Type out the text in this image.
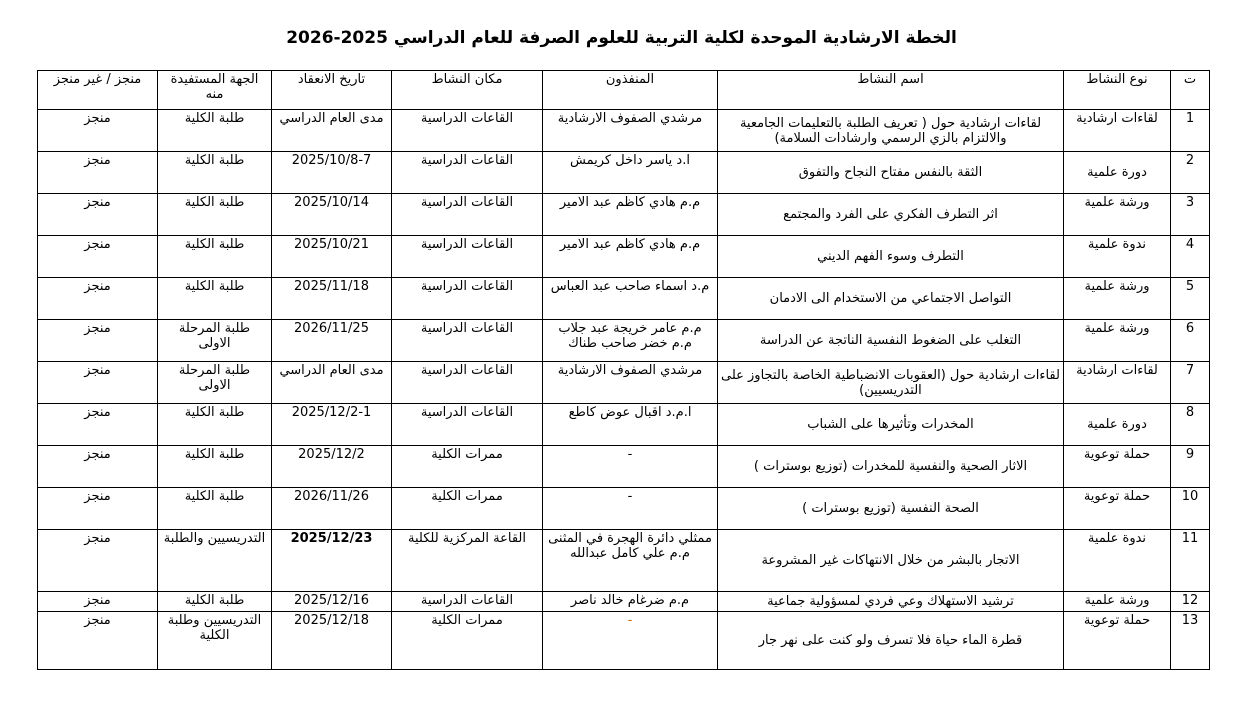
الخطة الارشادية الموحدة لكلية التربية للعلوم الصرفة للعام الدراسي 2025-2026
ت	نوع النشاط	اسم النشاط	المنفذون	مكان النشاط	تاريخ الانعقاد	الجهة المستفيدة منه	منجز / غير منجز
1	لقاءات ارشادية	لقاءات ارشادية حول ( تعريف الطلبة بالتعليمات الجامعية والالتزام بالزي الرسمي وارشادات السلامة)	مرشدي الصفوف الارشادية	القاعات الدراسية	مدى العام الدراسي	طلبة الكلية	منجز
2	دورة علمية	الثقة بالنفس مفتاح النجاح والتفوق	ا.د ياسر داخل كريمش	القاعات الدراسية	2025/10/8-7	طلبة الكلية	منجز
3	ورشة علمية	اثر التطرف الفكري على الفرد والمجتمع	م.م هادي كاظم عبد الامير	القاعات الدراسية	2025/10/14	طلبة الكلية	منجز
4	ندوة علمية	التطرف وسوء الفهم الديني	م.م هادي كاظم عبد الامير	القاعات الدراسية	2025/10/21	طلبة الكلية	منجز
5	ورشة علمية	التواصل الاجتماعي من الاستخدام الى الادمان	م.د اسماء صاحب عبد العباس	القاعات الدراسية	2025/11/18	طلبة الكلية	منجز
6	ورشة علمية	التغلب على الضغوط النفسية الناتجة عن الدراسة	م.م عامر خريجة عبد جلاب
م.م خضر صاحب طناك	القاعات الدراسية	2026/11/25	طلبة المرحلة الاولى	منجز
7	لقاءات ارشادية	لقاءات ارشادية حول (العقوبات الانضباطية الخاصة بالتجاوز على التدريسيين)	مرشدي الصفوف الارشادية	القاعات الدراسية	مدى العام الدراسي	طلبة المرحلة الاولى	منجز
8	دورة علمية	المخدرات وتأثيرها على الشباب	ا.م.د اقبال عوض كاطع	القاعات الدراسية	2025/12/2-1	طلبة الكلية	منجز
9	حملة توعوية	الاثار الصحية والنفسية للمخدرات (توزيع بوسترات )	-	ممرات الكلية	2025/12/2	طلبة الكلية	منجز
10	حملة توعوية	الصحة النفسية (توزيع بوسترات )	-	ممرات الكلية	2026/11/26	طلبة الكلية	منجز
11	ندوة علمية	الاتجار بالبشر من خلال الانتهاكات غير المشروعة	ممثلي دائرة الهجرة في المثنى
م.م علي كامل عبدالله	القاعة المركزية للكلية	2025/12/23	التدريسيين والطلبة	منجز
12	ورشة علمية	ترشيد الاستهلاك وعي فردي لمسؤولية جماعية	م.م ضرغام خالد ناصر	القاعات الدراسية	2025/12/16	طلبة الكلية	منجز
13	حملة توعوية	قطرة الماء حياة فلا تسرف ولو كنت على نهر جار	-	ممرات الكلية	2025/12/18	التدريسيين وطلبة الكلية	منجز
